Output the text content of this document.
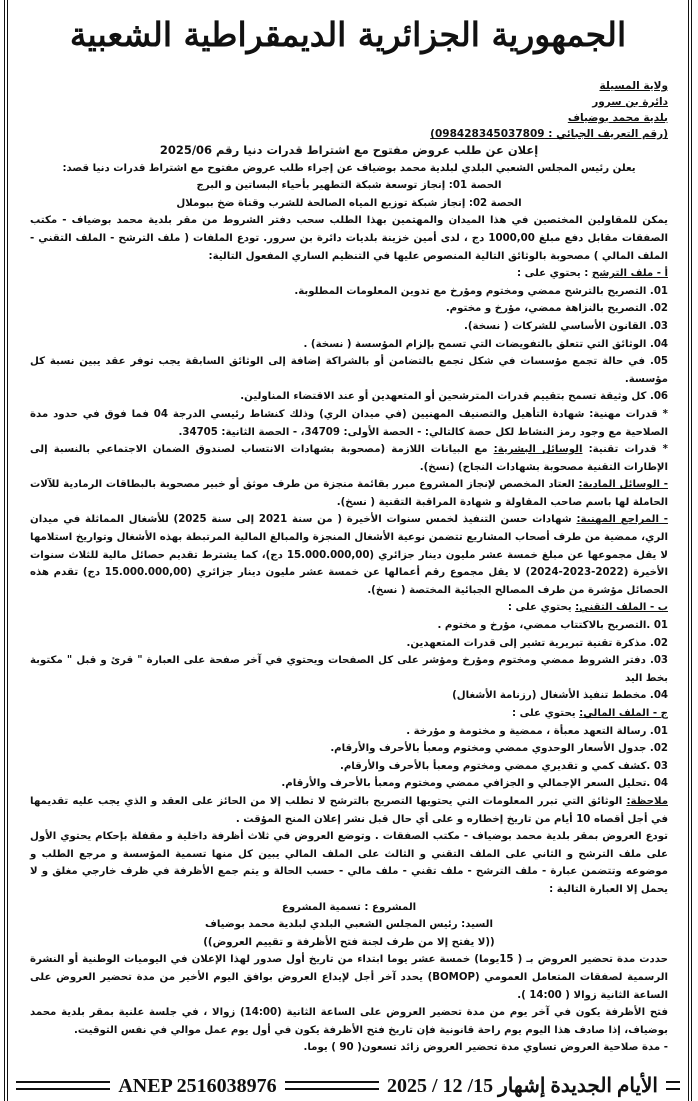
الجمهورية الجزائرية الديمقراطية الشعبية
ولاية المسيلة
دائرة بن سرور
بلدية محمد بوضياف
(رقم التعريف الجبائي : 098428345037809)

إعلان عن طلب عروض مفتوح مع اشتراط قدرات دنيا رقم 2025/06

يعلن رئيس المجلس الشعبي البلدي لبلدية محمد بوضياف عن إجراء طلب عروض مفتوح مع اشتراط قدرات دنيا قصد:

الحصة 01: إنجاز توسعة شبكة التطهير بأحياء البساتين و البرج

الحصة 02: إنجاز شبكة توزيع المياه الصالحة للشرب وقناة ضخ ببوملال

يمكن للمقاولين المختصين في هذا الميدان والمهتمين بهذا الطلب سحب دفتر الشروط من مقر بلدية محمد بوضياف - مكتب الصفقات مقابل دفع مبلغ 1000,00 دج ، لدى أمين خزينة بلديات دائرة بن سرور. تودع الملفات ( ملف الترشح - الملف التقني - الملف المالي ) مصحوبة بالوثائق التالية المنصوص عليها في التنظيم الساري المفعول التالية:

أ - ملف الترشح : يحتوي على :

01. التصريح بالترشح ممضي ومختوم ومؤرخ مع تدوين المعلومات المطلوبة.

02. التصريح بالنزاهة ممضي، مؤرخ و مختوم.

03. القانون الأساسي للشركات ( نسخة).

04. الوثائق التي تتعلق بالتفويضات التي تسمح بإلزام المؤسسة ( نسخة) .

05. في حالة تجمع مؤسسات في شكل تجمع بالتضامن أو بالشراكة إضافة إلى الوثائق السابقة يجب توفر عقد يبين نسبة كل مؤسسة.

06. كل وثيقة تسمح بتقييم قدرات المترشحين أو المتعهدين أو عند الاقتضاء المناولين.

* قدرات مهنية: شهادة التأهيل والتصنيف المهنيين (في ميدان الري) وذلك كنشاط رئيسي الدرجة 04 فما فوق في حدود مدة الصلاحية مع وجود رمز النشاط لكل حصة كالتالي: - الحصة الأولى: 34709، - الحصة الثانية: 34705.

* قدرات تقنية: الوسائل البشرية: مع البيانات اللازمة (مصحوبة بشهادات الانتساب لصندوق الضمان الاجتماعي بالنسبة إلى الإطارات التقنية مصحوبة بشهادات النجاح) (نسخ).

- الوسائل المادية: العتاد المخصص لإنجاز المشروع مبرر بقائمة منجزة من طرف موثق أو خبير مصحوبة بالبطاقات الرمادية للآلات الحاملة لها باسم صاحب المقاولة و شهادة المراقبة التقنية ( نسخ).

- المراجع المهنية: شهادات حسن التنفيذ لخمس سنوات الأخيرة ( من سنة 2021 إلى سنة 2025) للأشغال المماثلة في ميدان الري، ممضية من طرف أصحاب المشاريع تتضمن نوعية الأشغال المنجزة والمبالغ المالية المرتبطة بهذه الأشغال وتواريخ استلامها لا يقل مجموعها عن مبلغ خمسة عشر مليون دينار جزائري (15.000.000,00 دج)، كما يشترط تقديم حصائل مالية للثلاث سنوات الأخيرة (2022-2023-2024) لا يقل مجموع رقم أعمالها عن خمسة عشر مليون دينار جزائري (15.000.000,00 دج) تقدم هذه الحصائل مؤشرة من طرف المصالح الجبائية المختصة ( نسخ).

ب - الملف التقني: يحتوي على :

01 .التصريح بالاكتتاب ممضي، مؤرخ و مختوم .

02. مذكرة تقنية تبريرية تشير إلى قدرات المتعهدين.

03. دفتر الشروط ممضي ومختوم ومؤرخ ومؤشر على كل الصفحات ويحتوي في آخر صفحة على العبارة " قرئ و قبل " مكتوبة بخط اليد

04. مخطط تنفيذ الأشغال (رزنامة الأشغال)

ج - الملف المالي: يحتوي على :

01. رسالة التعهد معبأة ، ممضية و مختومة و مؤرخة .

02. جدول الأسعار الوحدوي ممضي ومختوم ومعبأ بالأحرف والأرقام.

03 .كشف كمي و تقديري ممضي ومختوم ومعبأ بالأحرف والأرقام.

04 .تحليل السعر الإجمالي و الجزافي ممضي ومختوم ومعبأ بالأحرف والأرقام.

ملاحظة: الوثائق التي تبرر المعلومات التي يحتويها التصريح بالترشح لا تطلب إلا من الحائز على العقد و الذي يجب عليه تقديمها في أجل أقصاه 10 أيام من تاريخ إخطاره و على أي حال قبل نشر إعلان المنح المؤقت .

تودع العروض بمقر بلدية محمد بوضياف - مكتب الصفقات . وتوضع العروض في ثلاث أظرفة داخلية و مقفلة بإحكام يحتوي الأول على ملف الترشح و الثاني على الملف التقني و الثالث على الملف المالي يبين كل منها تسمية المؤسسة و مرجع الطلب و موضوعه وتتضمن عبارة - ملف الترشح - ملف تقني - ملف مالي - حسب الحالة و يتم جمع الأظرفة في ظرف خارجي مغلق و لا يحمل إلا العبارة التالية :

المشروع : تسمية المشروع

السيد: رئيس المجلس الشعبي البلدي لبلدية محمد بوضياف

((لا يفتح إلا من طرف لجنة فتح الأظرفة و تقييم العروض))

حددت مدة تحضير العروض بـ ( 15يوما) خمسة عشر يوما ابتداء من تاريخ أول صدور لهذا الإعلان في اليوميات الوطنية أو النشرة الرسمية لصفقات المتعامل العمومي (BOMOP) يحدد آخر أجل لإيداع العروض بوافق اليوم الأخير من مدة تحضير العروض على الساعة الثانية زوالا ( 14:00 ).

فتح الأظرفة يكون في آخر يوم من مدة تحضير العروض على الساعة الثانية (14:00) زوالا ، في جلسة علنية بمقر بلدية محمد بوضياف، إذا صادف هذا اليوم يوم راحة قانونية فإن تاريخ فتح الأظرفة يكون في أول يوم عمل موالي في نفس التوقيت.

- مدة صلاحية العروض تساوي مدة تحضير العروض زائد تسعون( 90 ) يوما.

ANEP 2516038976	الأيام الجديدة إشهار 15/ 12 / 2025
